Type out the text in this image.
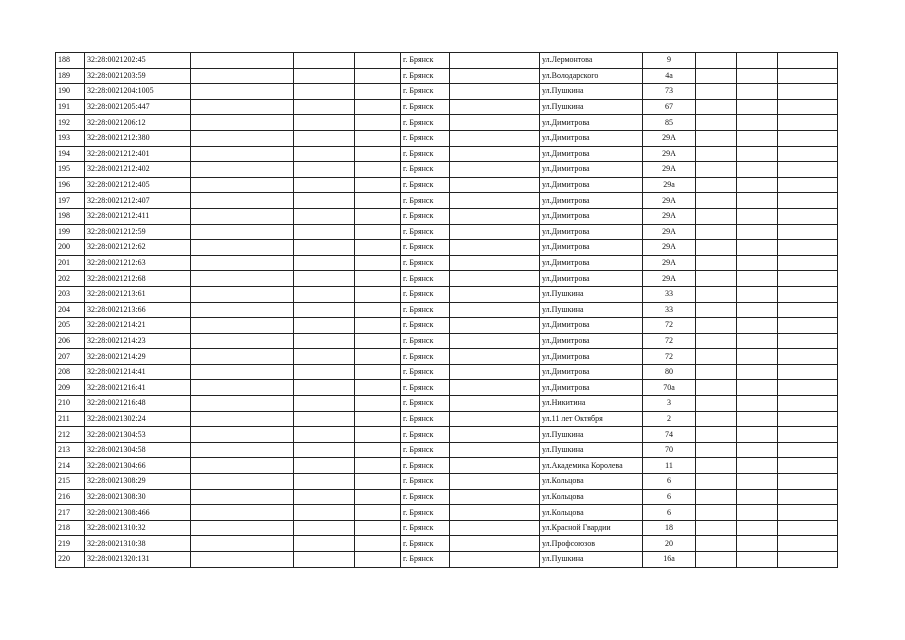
188	32:28:0021202:45				г. Брянск		ул.Лермонтова	9			
189	32:28:0021203:59				г. Брянск		ул.Володарского	4а			
190	32:28:0021204:1005				г. Брянск		ул.Пушкина	73			
191	32:28:0021205:447				г. Брянск		ул.Пушкина	67			
192	32:28:0021206:12				г. Брянск		ул.Димитрова	85			
193	32:28:0021212:380				г. Брянск		ул.Димитрова	29А			
194	32:28:0021212:401				г. Брянск		ул.Димитрова	29А			
195	32:28:0021212:402				г. Брянск		ул.Димитрова	29А			
196	32:28:0021212:405				г. Брянск		ул.Димитрова	29а			
197	32:28:0021212:407				г. Брянск		ул.Димитрова	29А			
198	32:28:0021212:411				г. Брянск		ул.Димитрова	29А			
199	32:28:0021212:59				г. Брянск		ул.Димитрова	29А			
200	32:28:0021212:62				г. Брянск		ул.Димитрова	29А			
201	32:28:0021212:63				г. Брянск		ул.Димитрова	29А			
202	32:28:0021212:68				г. Брянск		ул.Димитрова	29А			
203	32:28:0021213:61				г. Брянск		ул.Пушкина	33			
204	32:28:0021213:66				г. Брянск		ул.Пушкина	33			
205	32:28:0021214:21				г. Брянск		ул.Димитрова	72			
206	32:28:0021214:23				г. Брянск		ул.Димитрова	72			
207	32:28:0021214:29				г. Брянск		ул.Димитрова	72			
208	32:28:0021214:41				г. Брянск		ул.Димитрова	80			
209	32:28:0021216:41				г. Брянск		ул.Димитрова	70а			
210	32:28:0021216:48				г. Брянск		ул.Никитина	3			
211	32:28:0021302:24				г. Брянск		ул.11 лет Октября	2			
212	32:28:0021304:53				г. Брянск		ул.Пушкина	74			
213	32:28:0021304:58				г. Брянск		ул.Пушкина	70			
214	32:28:0021304:66				г. Брянск		ул.Академика Королева	11			
215	32:28:0021308:29				г. Брянск		ул.Кольцова	6			
216	32:28:0021308:30				г. Брянск		ул.Кольцова	6			
217	32:28:0021308:466				г. Брянск		ул.Кольцова	6			
218	32:28:0021310:32				г. Брянск		ул.Красной Гвардии	18			
219	32:28:0021310:38				г. Брянск		ул.Профсоюзов	20			
220	32:28:0021320:131				г. Брянск		ул.Пушкина	16а			
